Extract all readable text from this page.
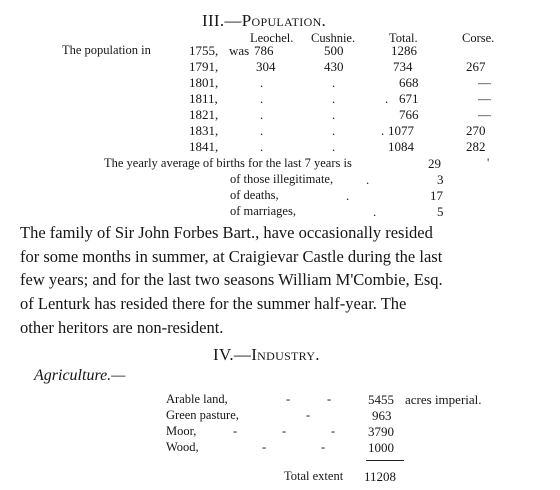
III.—Population.
Leochel. Cushnie.	Total.	Corse.
The population in	1755, was 786	500	1286
1791,	304	430	734	267
1801,	.	.	668	—
1811,	.	.	. 671	—
1821,	.	.	766	—
1831,	.	.	. 1077	270
1841,	.	.	1084	282
The yearly average of births for the last 7 years is	29	'
of those illegitimate,	.	3
of deaths,	.	17
of marriages,	.	5
The family of Sir John Forbes Bart., have occasionally resided
for some months in summer, at Craigievar Castle during the last
few years; and for the last two seasons William M'Combie, Esq.
of Lenturk has resided there for the summer half-year. The
other heritors are non-resident.
IV.—Industry.
Agriculture.—
Arable land,	-	-	5455 acres imperial.
Green pasture,	-	963
Moor,	-	-	-	3790
Wood,	-	-	1000
Total extent 11208
